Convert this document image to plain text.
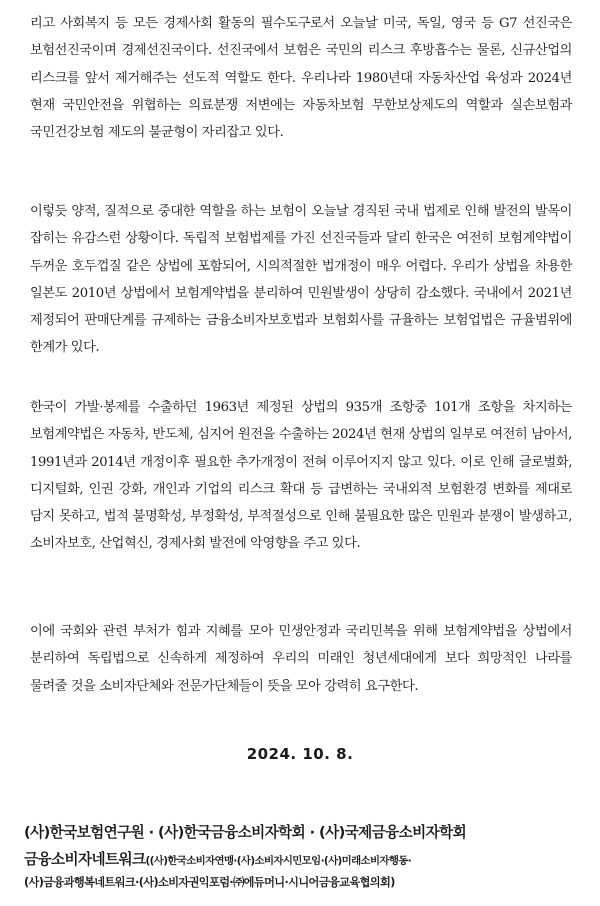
리고 사회복지 등 모든 경제사회 활동의 필수도구로서 오늘날 미국, 독일, 영국 등 G7 선진국은 보험선진국이며 경제선진국이다. 선진국에서 보험은 국민의 리스크 후방흡수는 물론, 신규산업의 리스크를 앞서 제거해주는 선도적 역할도 한다. 우리나라 1980년대 자동차산업 육성과 2024년 현재 국민안전을 위협하는 의료분쟁 저변에는 자동차보험 무한보상제도의 역할과 실손보험과 국민건강보험 제도의 불균형이 자리잡고 있다.

이렇듯 양적, 질적으로 중대한 역할을 하는 보험이 오늘날 경직된 국내 법제로 인해 발전의 발목이 잡히는 유감스런 상황이다. 독립적 보험법제를 가진 선진국들과 달리 한국은 여전히 보험계약법이 두꺼운 호두껍질 같은 상법에 포함되어, 시의적절한 법개정이 매우 어렵다. 우리가 상법을 차용한 일본도 2010년 상법에서 보험계약법을 분리하여 민원발생이 상당히 감소했다. 국내에서 2021년 제정되어 판매단계를 규제하는 금융소비자보호법과 보험회사를 규율하는 보험업법은 규율범위에 한계가 있다.

한국이 가발·봉제를 수출하던 1963년 제정된 상법의 935개 조항중 101개 조항을 차지하는 보험계약법은 자동차, 반도체, 심지어 원전을 수출하는 2024년 현재 상법의 일부로 여전히 남아서, 1991년과 2014년 개정이후 필요한 추가개정이 전혀 이루어지지 않고 있다. 이로 인해 글로벌화, 디지털화, 인권 강화, 개인과 기업의 리스크 확대 등 급변하는 국내외적 보험환경 변화를 제대로 담지 못하고, 법적 불명확성, 부정확성, 부적절성으로 인해 불필요한 많은 민원과 분쟁이 발생하고, 소비자보호, 산업혁신, 경제사회 발전에 악영향을 주고 있다.

이에 국회와 관련 부처가 힘과 지혜를 모아 민생안정과 국리민복을 위해 보험계약법을 상법에서 분리하여 독립법으로 신속하게 제정하여 우리의 미래인 청년세대에게 보다 희망적인 나라를 물려줄 것을 소비자단체와 전문가단체들이 뜻을 모아 강력히 요구한다.

2024. 10. 8.

(사)한국보험연구원 · (사)한국금융소비자학회 · (사)국제금융소비자학회

금융소비자네트워크((사)한국소비자연맹·(사)소비자시민모임·(사)미래소비자행동·

(사)금융과행복네트워크·(사)소비자권익포럼·㈜에듀머니·시니어금융교육협의회)
